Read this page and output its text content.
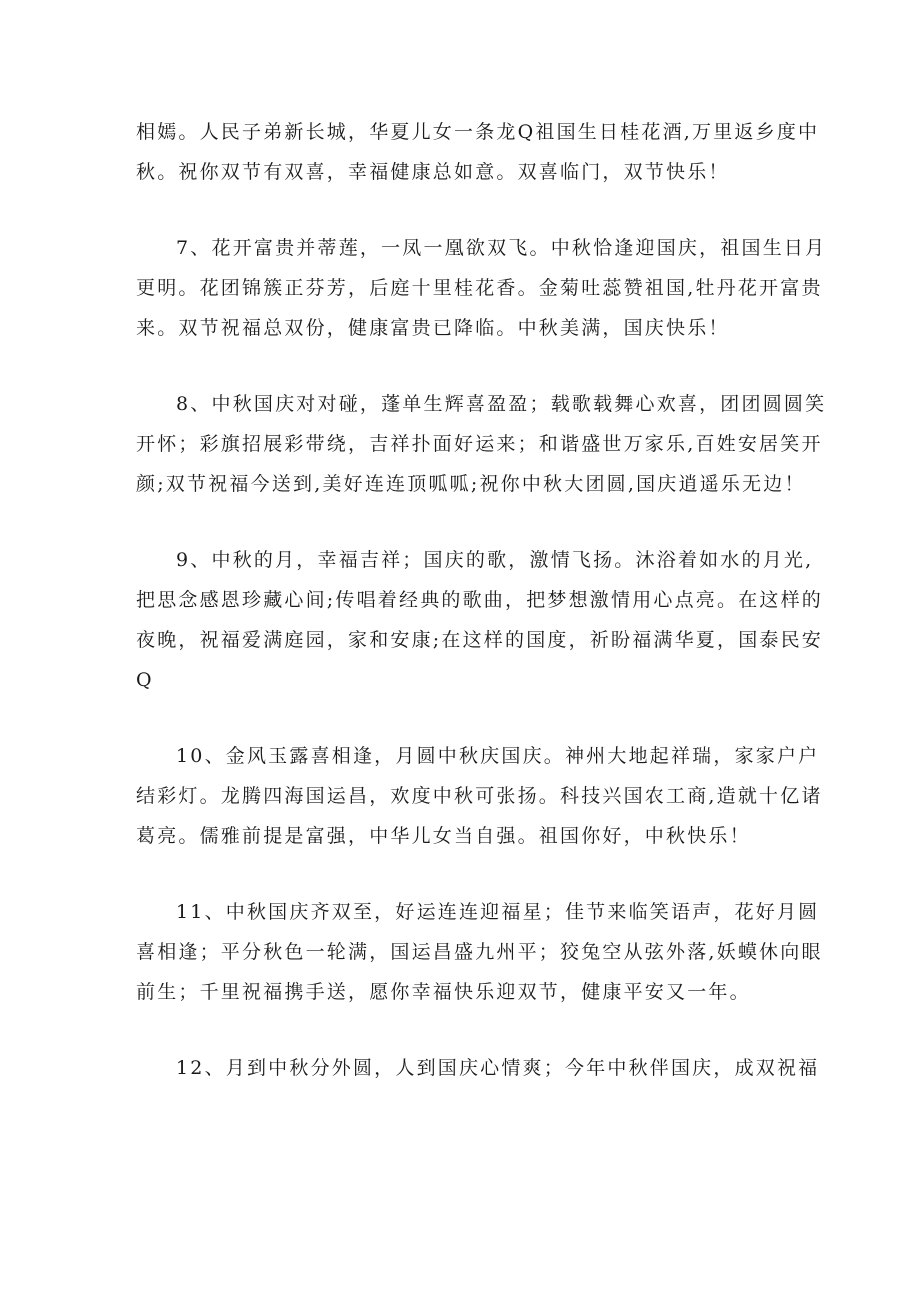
相嫣。人民子弟新长城，华夏儿女一条龙Q祖国生日桂花酒,万里返乡度中
秋。祝你双节有双喜，幸福健康总如意。双喜临门，双节快乐！
7、花开富贵并蒂莲，一凤一凰欲双飞。中秋恰逢迎国庆，祖国生日月
更明。花团锦簇正芬芳，后庭十里桂花香。金菊吐蕊赞祖国,牡丹花开富贵
来。双节祝福总双份，健康富贵已降临。中秋美满，国庆快乐！
8、中秋国庆对对碰，蓬单生辉喜盈盈；载歌载舞心欢喜，团团圆圆笑
开怀；彩旗招展彩带绕，吉祥扑面好运来；和谐盛世万家乐,百姓安居笑开
颜;双节祝福今送到,美好连连顶呱呱;祝你中秋大团圆,国庆逍遥乐无边！
9、中秋的月，幸福吉祥；国庆的歌，激情飞扬。沐浴着如水的月光,
把思念感恩珍藏心间;传唱着经典的歌曲，把梦想激情用心点亮。在这样的
夜晚，祝福爱满庭园，家和安康;在这样的国度，祈盼福满华夏，国泰民安
Q
10、金风玉露喜相逢，月圆中秋庆国庆。神州大地起祥瑞，家家户户
结彩灯。龙腾四海国运昌，欢度中秋可张扬。科技兴国农工商,造就十亿诸
葛亮。儒雅前提是富强，中华儿女当自强。祖国你好，中秋快乐！
11、中秋国庆齐双至，好运连连迎福星；佳节来临笑语声，花好月圆
喜相逢；平分秋色一轮满，国运昌盛九州平；狡兔空从弦外落,妖蟆休向眼
前生；千里祝福携手送，愿你幸福快乐迎双节，健康平安又一年。
12、月到中秋分外圆，人到国庆心情爽；今年中秋伴国庆，成双祝福
